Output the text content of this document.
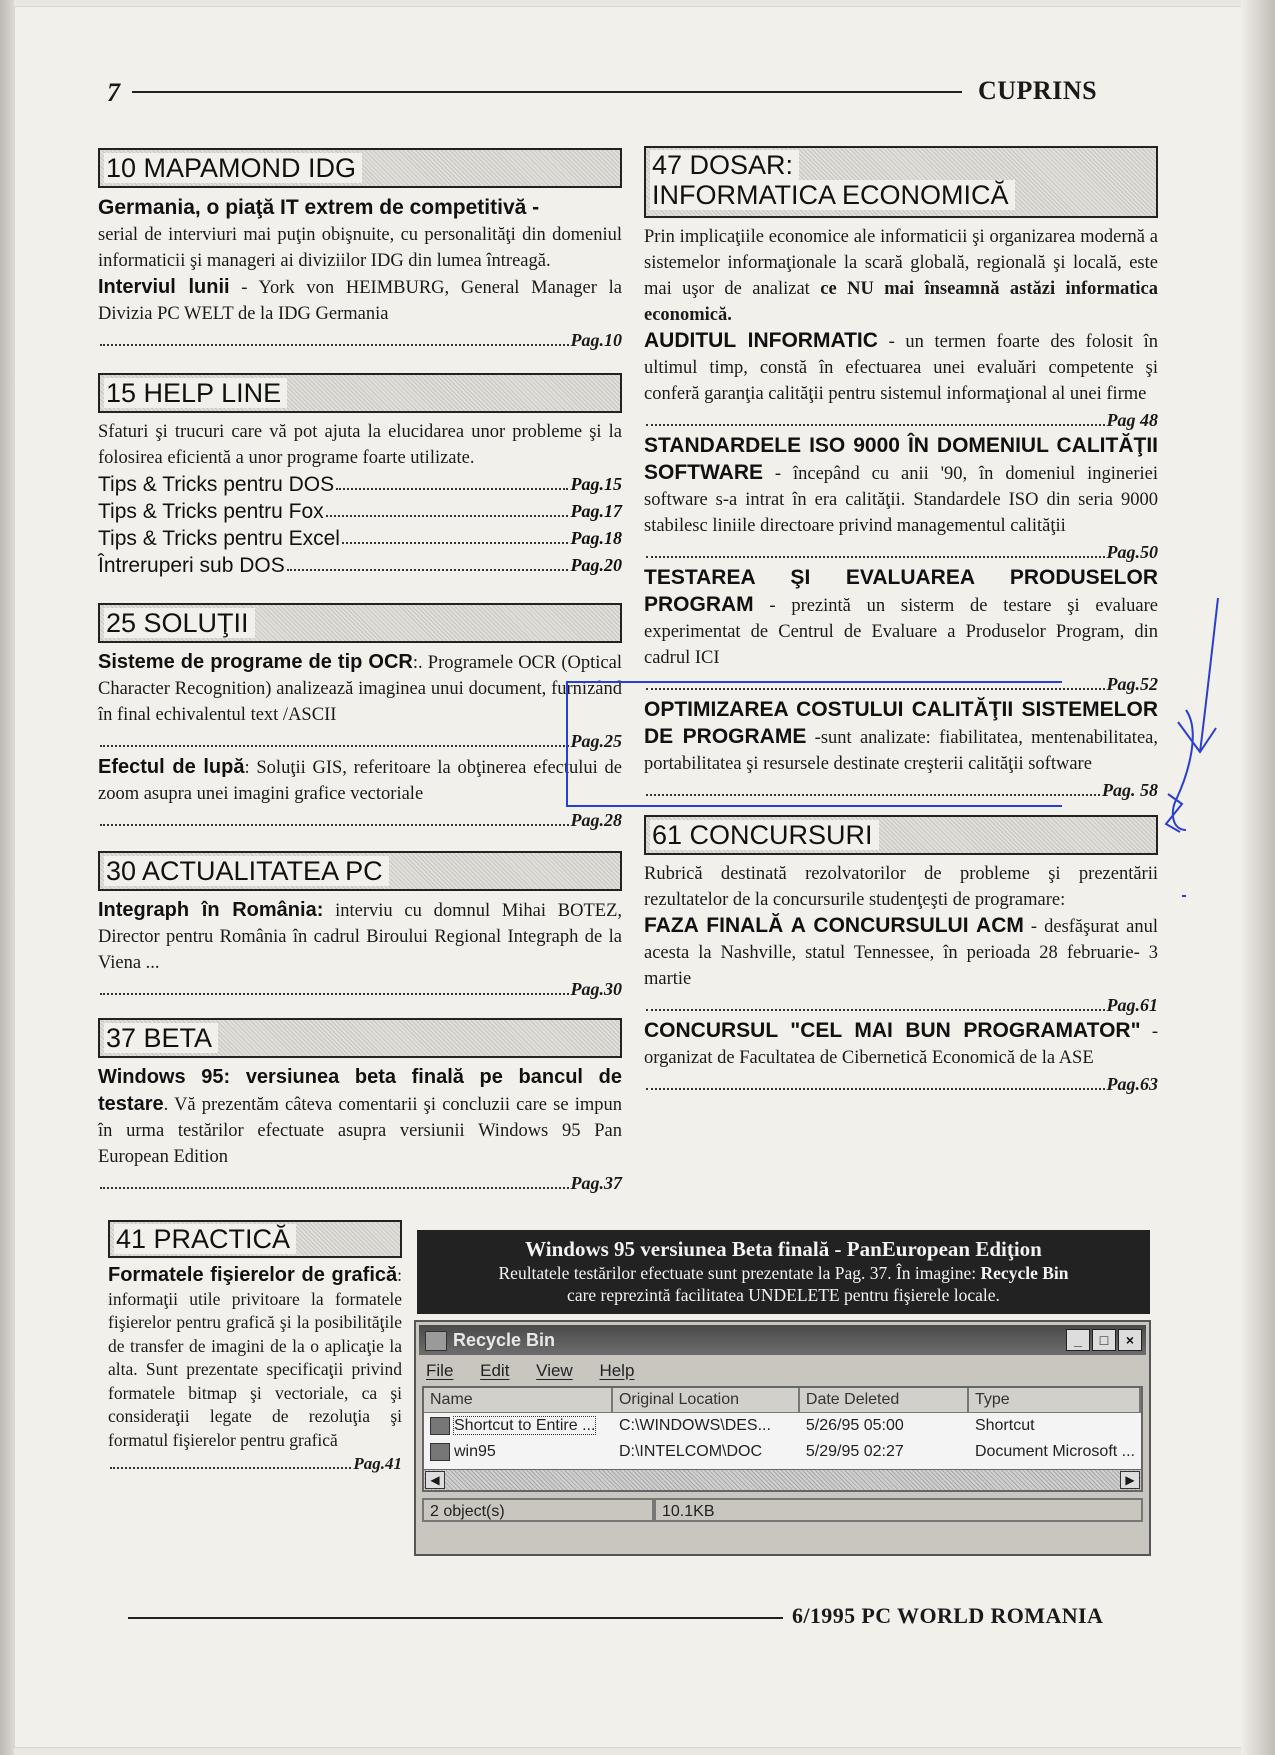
7	CUPRINS
10 MAPAMOND IDG
Germania, o piaţă IT extrem de competitivă -

serial de interviuri mai puţin obişnuite, cu personalităţi din domeniul informaticii şi manageri ai diviziilor IDG din lumea întreagă.

Interviul lunii - York von HEIMBURG, General Manager la Divizia PC WELT de la IDG Germania

Pag.10
15 HELP LINE

Sfaturi şi trucuri care vă pot ajuta la elucidarea unor probleme şi la folosirea eficientă a unor programe foarte utilizate.

Tips & Tricks pentru DOS	Pag.15
Tips & Tricks pentru Fox	Pag.17
Tips & Tricks pentru Excel	Pag.18
Întreruperi sub DOS	Pag.20
25 SOLUŢII

Sisteme de programe de tip OCR:. Programele OCR (Optical Character Recognition) analizează imaginea unui document, furnizând în final echivalentul text /ASCII

Pag.25

Efectul de lupă: Soluţii GIS, referitoare la obţinerea efectului de zoom asupra unei imagini grafice vectoriale

Pag.28
30 ACTUALITATEA PC

Integraph în România: interviu cu domnul Mihai BOTEZ, Director pentru România în cadrul Biroului Regional Integraph de la Viena ...

Pag.30
37 BETA

Windows 95: versiunea beta finală pe bancul de testare. Vă prezentăm câteva comentarii şi concluzii care se impun în urma testărilor efectuate asupra versiunii Windows 95 Pan European Edition

Pag.37
41 PRACTICĂ

Formatele fişierelor de grafică: informaţii utile privitoare la formatele fişierelor pentru grafică şi la posibilităţile de transfer de imagini de la o aplicaţie la alta. Sunt prezentate specificaţii privind formatele bitmap şi vectoriale, ca şi consideraţii legate de rezoluţia şi formatul fişierelor pentru grafică

Pag.41
47 DOSAR:
INFORMATICA ECONOMICĂ

Prin implicaţiile economice ale informaticii şi organizarea modernă a sistemelor informaţionale la scară globală, regională şi locală, este mai uşor de analizat ce NU mai înseamnă astăzi informatica economică.

AUDITUL INFORMATIC - un termen foarte des folosit în ultimul timp, constă în efectuarea unei evaluări competente şi conferă garanţia calităţii pentru sistemul informaţional al unei firme

Pag 48

STANDARDELE ISO 9000 ÎN DOMENIUL CALITĂŢII SOFTWARE - începând cu anii '90, în domeniul ingineriei software s-a intrat în era calităţii. Standardele ISO din seria 9000 stabilesc liniile directoare privind managementul calităţii

Pag.50

TESTAREA ŞI EVALUAREA PRODUSELOR PROGRAM - prezintă un sisterm de testare şi evaluare experimentat de Centrul de Evaluare a Produselor Program, din cadrul ICI

Pag.52

OPTIMIZAREA COSTULUI CALITĂŢII SISTEMELOR DE PROGRAME -sunt analizate: fiabilitatea, mentenabilitatea, portabilitatea şi resursele destinate creşterii calităţii software

Pag. 58
61 CONCURSURI

Rubrică destinată rezolvatorilor de probleme şi prezentării rezultatelor de la concursurile studenţeşti de programare:

FAZA FINALĂ A CONCURSULUI ACM - desfăşurat anul acesta la Nashville, statul Tennessee, în perioada 28 februarie- 3 martie

Pag.61

CONCURSUL "CEL MAI BUN PROGRAMATOR" - organizat de Facultatea de Cibernetică Economică de la ASE

Pag.63
Windows 95 versiunea Beta finală - PanEuropean Ediţion
Reultatele testărilor efectuate sunt prezentate la Pag. 37. În imagine: Recycle Bin
care reprezintă facilitatea UNDELETE pentru fişierele locale.
Recycle Bin	_	□	×
File Edit View Help
Name	Original Location	Date Deleted	Type
Shortcut to Entire ...	C:\WINDOWS\DES...	5/26/95 05:00	Shortcut
win95	D:\INTELCOM\DOC	5/29/95 02:27	Document Microsoft ...
◀	▶
2 object(s)	10.1KB
6/1995 PC WORLD ROMANIA
